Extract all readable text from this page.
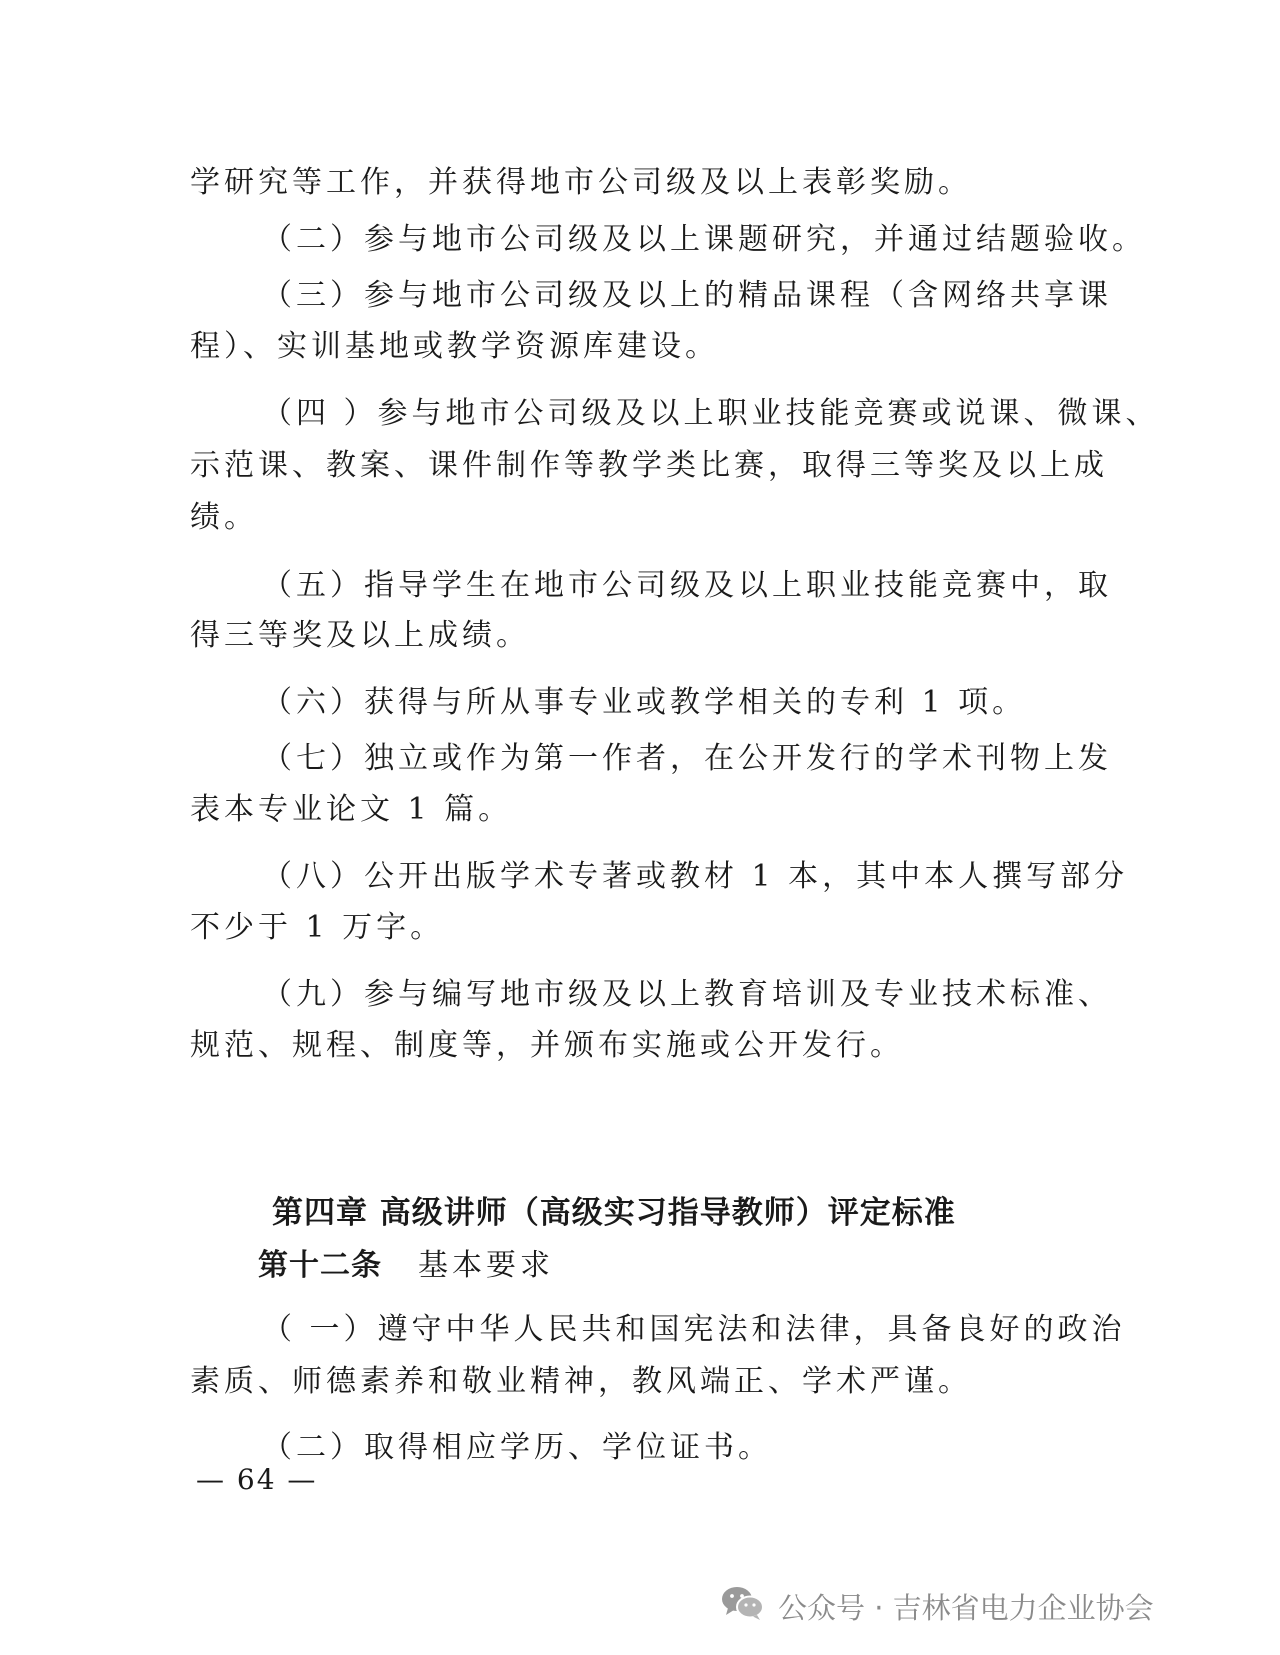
学研究等工作，并获得地市公司级及以上表彰奖励。
（二）参与地市公司级及以上课题研究，并通过结题验收。
（三）参与地市公司级及以上的精品课程（含网络共享课
程）、实训基地或教学资源库建设。
（四 ）参与地市公司级及以上职业技能竞赛或说课、微课、
示范课、教案、课件制作等教学类比赛，取得三等奖及以上成
绩。
（五）指导学生在地市公司级及以上职业技能竞赛中，取
得三等奖及以上成绩。
（六）获得与所从事专业或教学相关的专利 1 项。
（七）独立或作为第一作者，在公开发行的学术刊物上发
表本专业论文 1 篇。
（八）公开出版学术专著或教材 1 本，其中本人撰写部分
不少于 1 万字。
（九）参与编写地市级及以上教育培训及专业技术标准、
规范、规程、制度等，并颁布实施或公开发行。
第四章 高级讲师（高级实习指导教师）评定标准
第十二条 基本要求
（ 一）遵守中华人民共和国宪法和法律，具备良好的政治
素质、师德素养和敬业精神，教风端正、学术严谨。
（二）取得相应学历、学位证书。
— 64 —
公众号 · 吉林省电力企业协会
